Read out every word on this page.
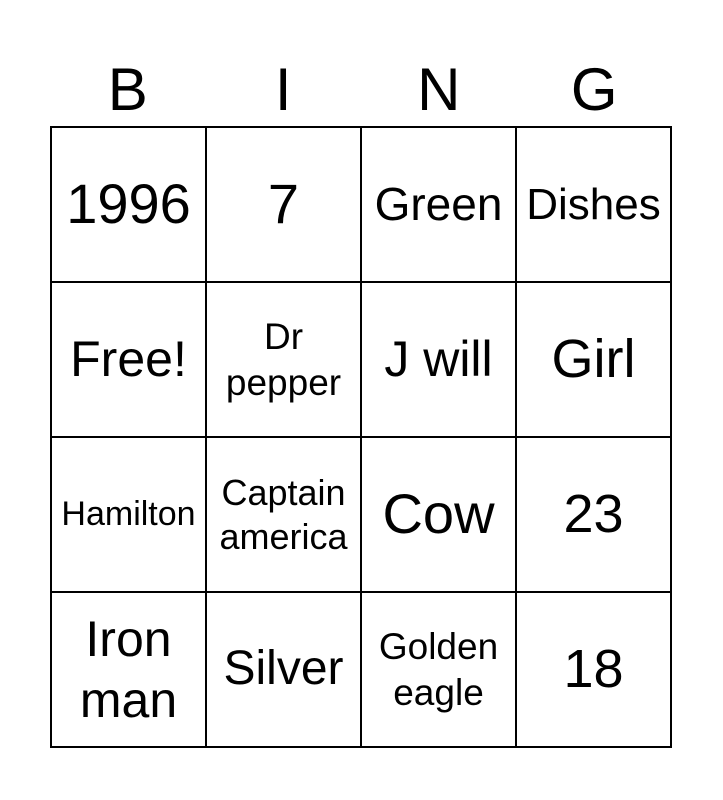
B I N G
1996	7	Green	Dishes
Free!	Dr pepper	J will	Girl
Hamilton	Captain america	Cow	23
Iron man	Silver	Golden eagle	18
